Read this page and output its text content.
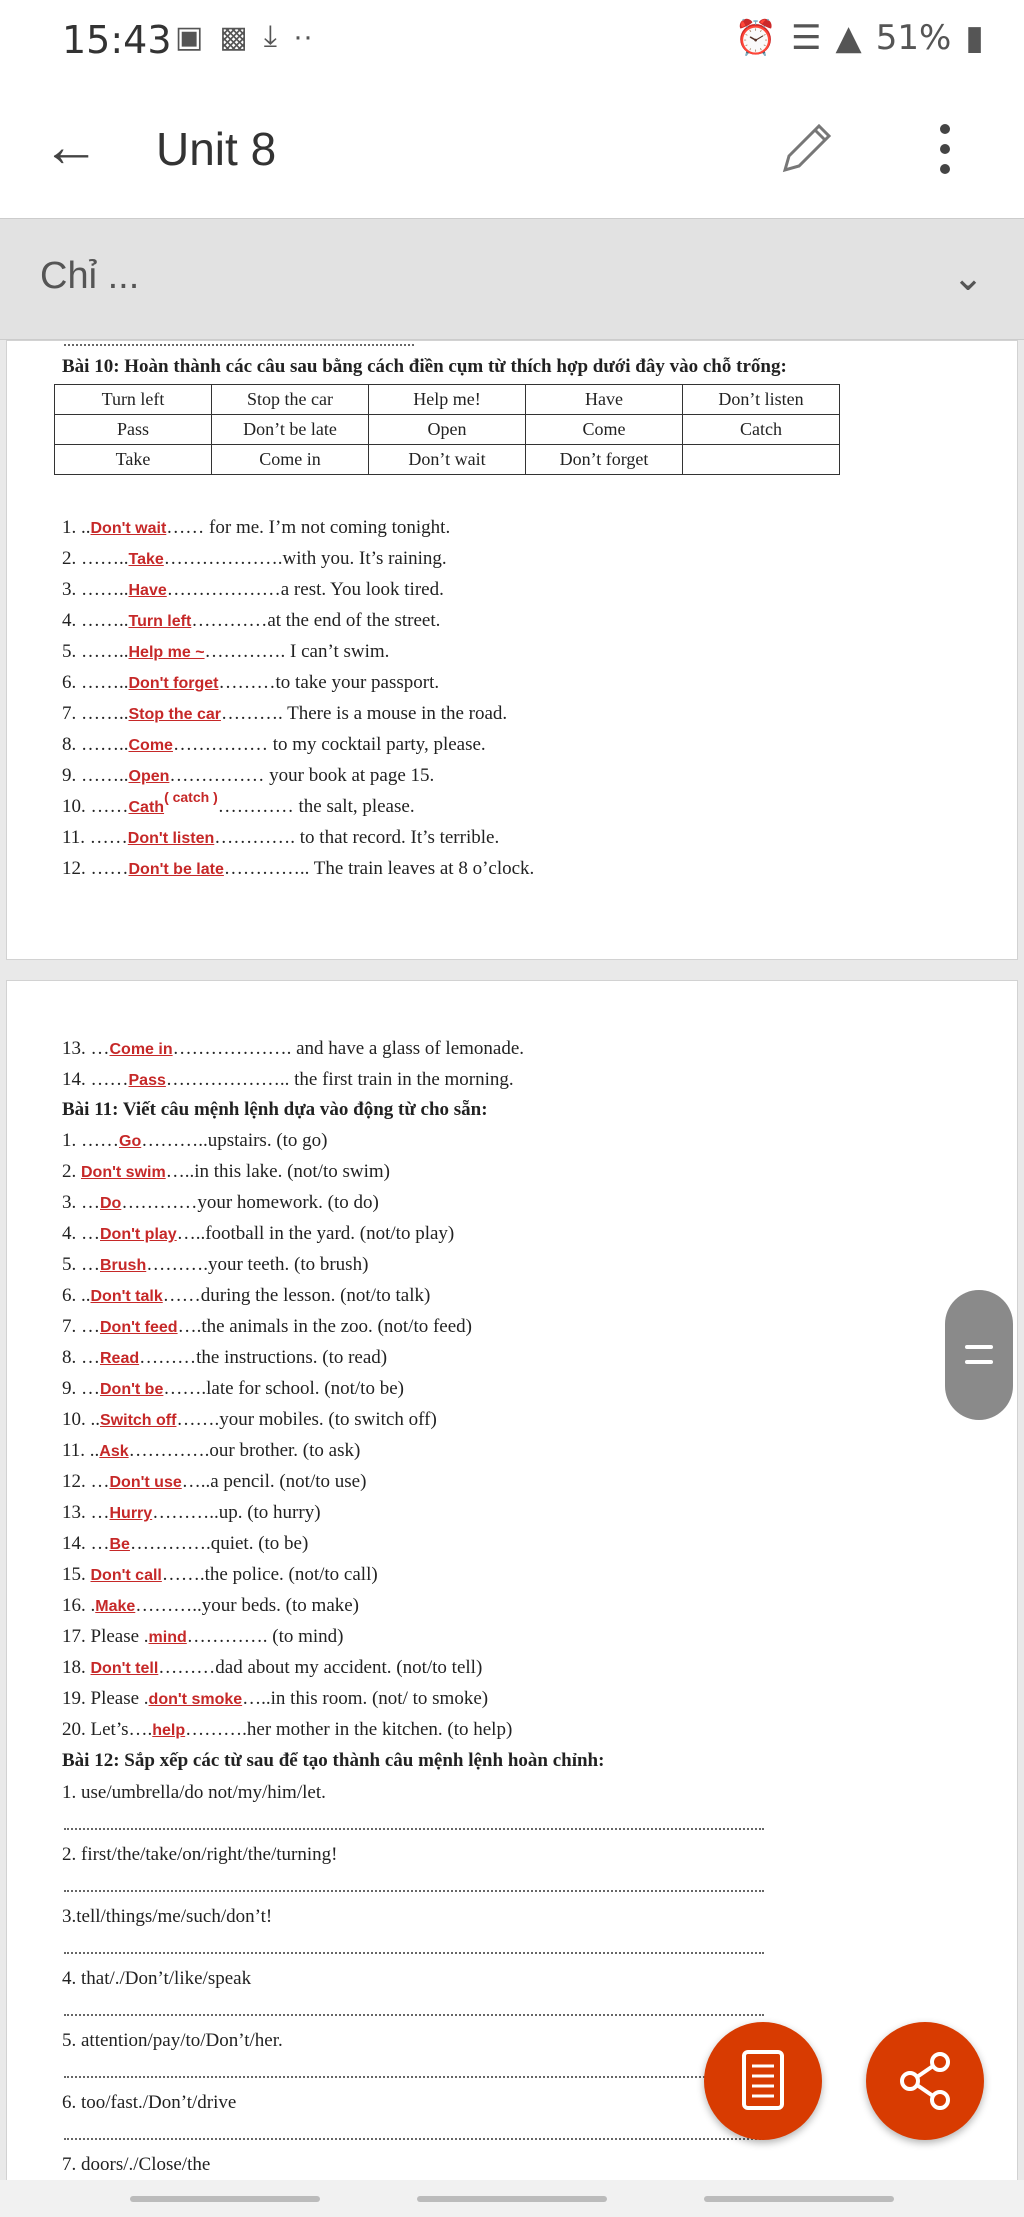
15:43 ▣ ▩ ⤓ ··	⏰ ☰ ▲ 51% ▮
← Unit 8
Chỉ ...	⌄
Bài 10: Hoàn thành các câu sau bằng cách điền cụm từ thích hợp dưới đây vào chỗ trống:
Turn left	Stop the car	Help me!	Have	Don’t listen
Pass	Don’t be late	Open	Come	Catch
Take	Come in	Don’t wait	Don’t forget	
1. ..Don't wait…… for me. I’m not coming tonight.
2. ……..Take……………….with you. It’s raining.
3. ……..Have………………a rest. You look tired.
4. ……..Turn left…………at the end of the street.
5. ……..Help me ~…………. I can’t swim.
6. ……..Don't forget………to take your passport.
7. ……..Stop the car………. There is a mouse in the road.
8. ……..Come…………… to my cocktail party, please.
9. ……..Open…………… your book at page 15.
10. ……Cath$^{( catch )}$………… the salt, please.
11. ……Don't listen…………. to that record. It’s terrible.
12. ……Don't be late………….. The train leaves at 8 o’clock.
13. …Come in………………. and have a glass of lemonade.
14. ……Pass……………….. the first train in the morning.
Bài 11: Viết câu mệnh lệnh dựa vào động từ cho sẵn:
1. ……Go………..upstairs. (to go)
2. Don't swim…..in this lake. (not/to swim)
3. …Do…………your homework. (to do)
4. …Don't play…..football in the yard. (not/to play)
5. …Brush……….your teeth. (to brush)
6. ..Don't talk……during the lesson. (not/to talk)
7. …Don't feed….the animals in the zoo. (not/to feed)
8. …Read………the instructions. (to read)
9. …Don't be…….late for school. (not/to be)
10. ..Switch off…….your mobiles. (to switch off)
11. ..Ask………….our brother. (to ask)
12. …Don't use…..a pencil. (not/to use)
13. …Hurry………..up. (to hurry)
14. …Be………….quiet. (to be)
15. Don't call…….the police. (not/to call)
16. .Make………..your beds. (to make)
17. Please .mind…………. (to mind)
18. Don't tell………dad about my accident. (not/to tell)
19. Please .don't smoke…..in this room. (not/ to smoke)
20. Let’s….help……….her mother in the kitchen. (to help)
Bài 12: Sắp xếp các từ sau để tạo thành câu mệnh lệnh hoàn chỉnh:
1. use/umbrella/do not/my/him/let.
2. first/the/take/on/right/the/turning!
3.tell/things/me/such/don’t!
4. that/./Don’t/like/speak
5. attention/pay/to/Don’t/her.
6. too/fast./Don’t/drive
7. doors/./Close/the
